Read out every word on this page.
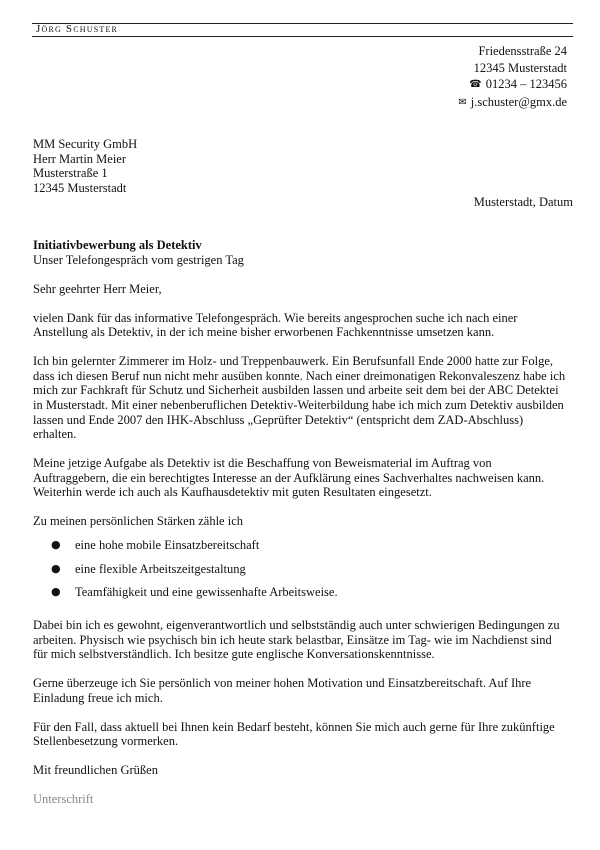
Jörg Schuster
Friedensstraße 24
12345 Musterstadt
☎ 01234 – 123456
✉ j.schuster@gmx.de
MM Security GmbH
Herr Martin Meier
Musterstraße 1
12345 Musterstadt
Musterstadt, Datum
Initiativbewerbung als Detektiv
Unser Telefongespräch vom gestrigen Tag
Sehr geehrter Herr Meier,
vielen Dank für das informative Telefongespräch. Wie bereits angesprochen suche ich nach einer
Anstellung als Detektiv, in der ich meine bisher erworbenen Fachkenntnisse umsetzen kann.
Ich bin gelernter Zimmerer im Holz- und Treppenbauwerk. Ein Berufsunfall Ende 2000 hatte zur Folge,
dass ich diesen Beruf nun nicht mehr ausüben konnte. Nach einer dreimonatigen Rekonvaleszenz habe ich
mich zur Fachkraft für Schutz und Sicherheit ausbilden lassen und arbeite seit dem bei der ABC Detektei
in Musterstadt. Mit einer nebenberuflichen Detektiv-Weiterbildung habe ich mich zum Detektiv ausbilden
lassen und Ende 2007 den IHK-Abschluss „Geprüfter Detektiv“ (entspricht dem ZAD-Abschluss)
erhalten.
Meine jetzige Aufgabe als Detektiv ist die Beschaffung von Beweismaterial im Auftrag von
Auftraggebern, die ein berechtigtes Interesse an der Aufklärung eines Sachverhaltes nachweisen kann.
Weiterhin werde ich auch als Kaufhausdetektiv mit guten Resultaten eingesetzt.
Zu meinen persönlichen Stärken zähle ich
● eine hohe mobile Einsatzbereitschaft
● eine flexible Arbeitszeitgestaltung
● Teamfähigkeit und eine gewissenhafte Arbeitsweise.
Dabei bin ich es gewohnt, eigenverantwortlich und selbstständig auch unter schwierigen Bedingungen zu
arbeiten. Physisch wie psychisch bin ich heute stark belastbar, Einsätze im Tag- wie im Nachdienst sind
für mich selbstverständlich. Ich besitze gute englische Konversationskenntnisse.
Gerne überzeuge ich Sie persönlich von meiner hohen Motivation und Einsatzbereitschaft. Auf Ihre
Einladung freue ich mich.
Für den Fall, dass aktuell bei Ihnen kein Bedarf besteht, können Sie mich auch gerne für Ihre zukünftige
Stellenbesetzung vormerken.
Mit freundlichen Grüßen
Unterschrift
